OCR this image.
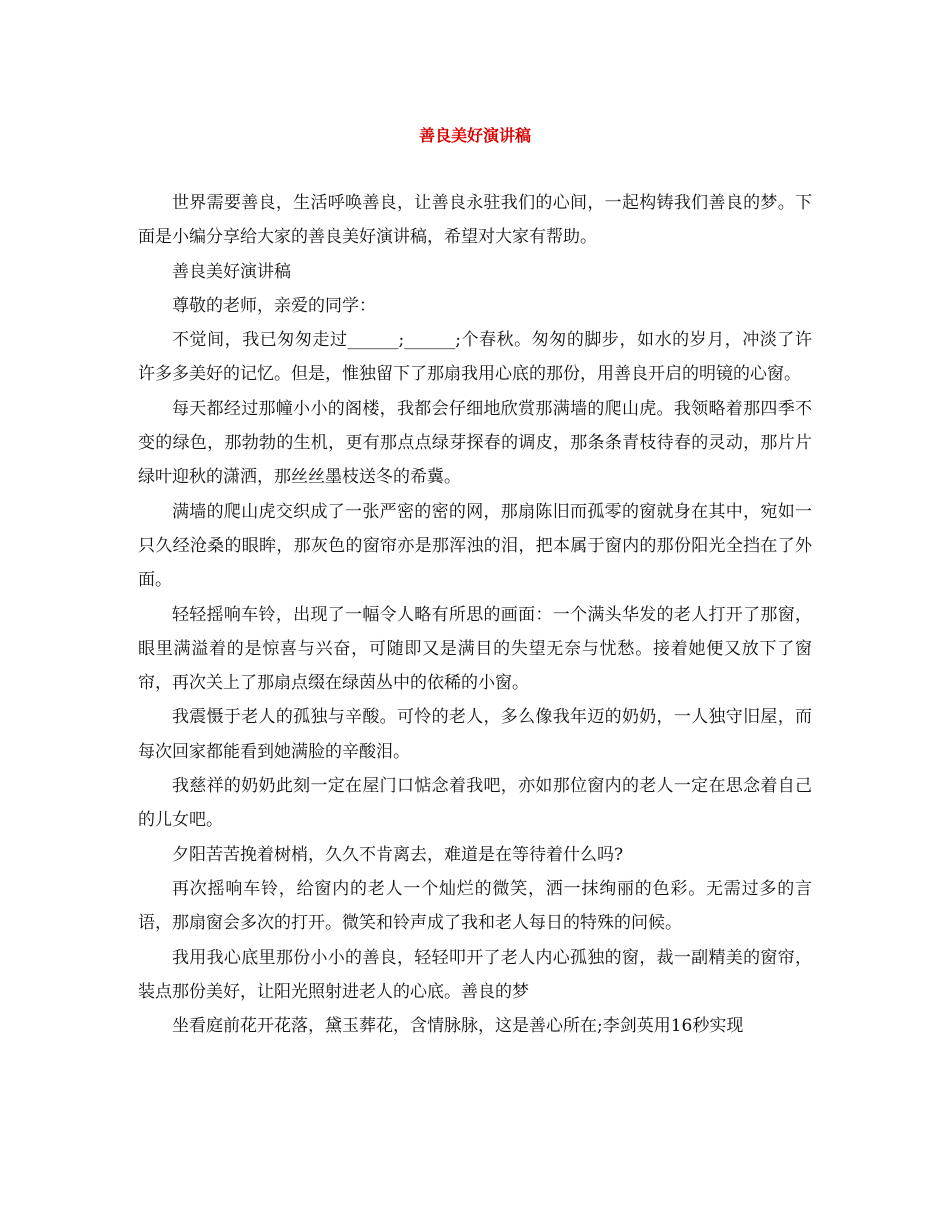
善良美好演讲稿

世界需要善良，生活呼唤善良，让善良永驻我们的心间，一起构铸我们善良的梦。下面是小编分享给大家的善良美好演讲稿，希望对大家有帮助。

善良美好演讲稿

尊敬的老师，亲爱的同学：

不觉间，我已匆匆走过______;______;个春秋。匆匆的脚步，如水的岁月，冲淡了许许多多美好的记忆。但是，惟独留下了那扇我用心底的那份，用善良开启的明镜的心窗。

每天都经过那幢小小的阁楼，我都会仔细地欣赏那满墙的爬山虎。我领略着那四季不变的绿色，那勃勃的生机，更有那点点绿芽探春的调皮，那条条青枝待春的灵动，那片片绿叶迎秋的潇洒，那丝丝墨枝送冬的希冀。

满墙的爬山虎交织成了一张严密的密的网，那扇陈旧而孤零的窗就身在其中，宛如一只久经沧桑的眼眸，那灰色的窗帘亦是那浑浊的泪，把本属于窗内的那份阳光全挡在了外面。

轻轻摇响车铃，出现了一幅令人略有所思的画面：一个满头华发的老人打开了那窗，眼里满溢着的是惊喜与兴奋，可随即又是满目的失望无奈与忧愁。接着她便又放下了窗帘，再次关上了那扇点缀在绿茵丛中的依稀的小窗。

我震慑于老人的孤独与辛酸。可怜的老人，多么像我年迈的奶奶，一人独守旧屋，而每次回家都能看到她满脸的辛酸泪。

我慈祥的奶奶此刻一定在屋门口惦念着我吧，亦如那位窗内的老人一定在思念着自己的儿女吧。

夕阳苦苦挽着树梢，久久不肯离去，难道是在等待着什么吗?

再次摇响车铃，给窗内的老人一个灿烂的微笑，洒一抹绚丽的色彩。无需过多的言语，那扇窗会多次的打开。微笑和铃声成了我和老人每日的特殊的问候。

我用我心底里那份小小的善良，轻轻叩开了老人内心孤独的窗，裁一副精美的窗帘，装点那份美好，让阳光照射进老人的心底。善良的梦

坐看庭前花开花落，黛玉葬花，含情脉脉，这是善心所在;李剑英用16秒实现
